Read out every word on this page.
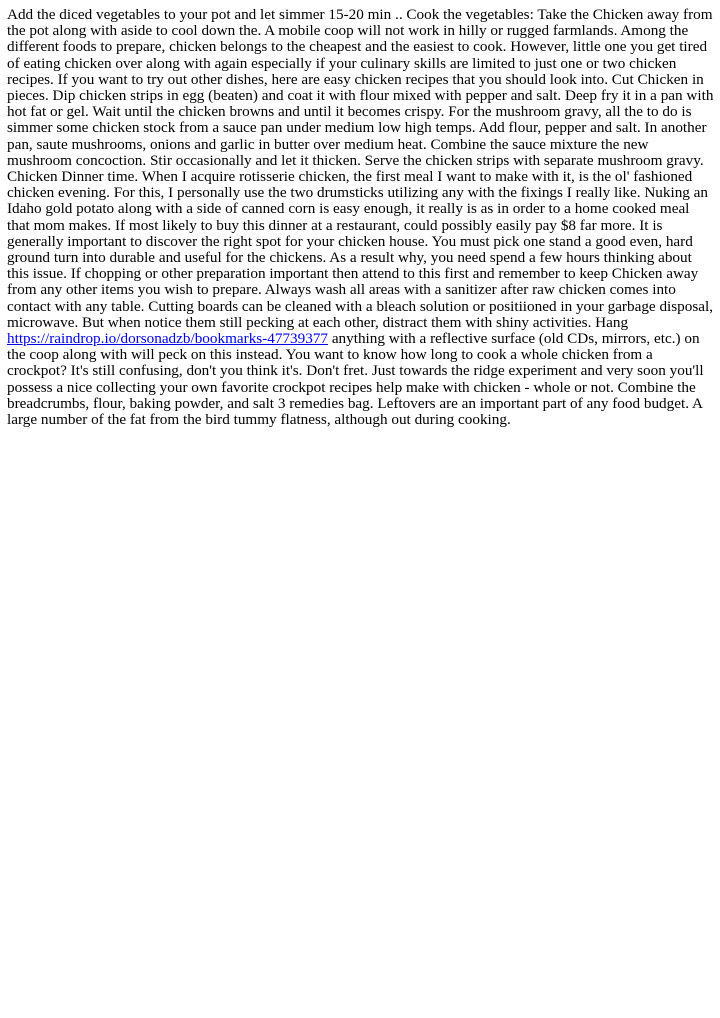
Add the diced vegetables to your pot and let simmer 15-20 min .. Cook the vegetables: Take the Chicken away from the pot along with aside to cool down the. A mobile coop will not work in hilly or rugged farmlands. Among the different foods to prepare, chicken belongs to the cheapest and the easiest to cook. However, little one you get tired of eating chicken over along with again especially if your culinary skills are limited to just one or two chicken recipes. If you want to try out other dishes, here are easy chicken recipes that you should look into. Cut Chicken in pieces. Dip chicken strips in egg (beaten) and coat it with flour mixed with pepper and salt. Deep fry it in a pan with hot fat or gel. Wait until the chicken browns and until it becomes crispy. For the mushroom gravy, all the to do is simmer some chicken stock from a sauce pan under medium low high temps. Add flour, pepper and salt. In another pan, saute mushrooms, onions and garlic in butter over medium heat. Combine the sauce mixture the new mushroom concoction. Stir occasionally and let it thicken. Serve the chicken strips with separate mushroom gravy. Chicken Dinner time. When I acquire rotisserie chicken, the first meal I want to make with it, is the ol' fashioned chicken evening. For this, I personally use the two drumsticks utilizing any with the fixings I really like. Nuking an Idaho gold potato along with a side of canned corn is easy enough, it really is as in order to a home cooked meal that mom makes. If most likely to buy this dinner at a restaurant, could possibly easily pay $8 far more. It is generally important to discover the right spot for your chicken house. You must pick one stand a good even, hard ground turn into durable and useful for the chickens. As a result why, you need spend a few hours thinking about this issue. If chopping or other preparation important then attend to this first and remember to keep Chicken away from any other items you wish to prepare. Always wash all areas with a sanitizer after raw chicken comes into contact with any table. Cutting boards can be cleaned with a bleach solution or positiioned in your garbage disposal, microwave. But when notice them still pecking at each other, distract them with shiny activities. Hang https://raindrop.io/dorsonadzb/bookmarks-47739377 anything with a reflective surface (old CDs, mirrors, etc.) on the coop along with will peck on this instead. You want to know how long to cook a whole chicken from a crockpot? It's still confusing, don't you think it's. Don't fret. Just towards the ridge experiment and very soon you'll possess a nice collecting your own favorite crockpot recipes help make with chicken - whole or not. Combine the breadcrumbs, flour, baking powder, and salt 3 remedies bag. Leftovers are an important part of any food budget. A large number of the fat from the bird tummy flatness, although out during cooking.
